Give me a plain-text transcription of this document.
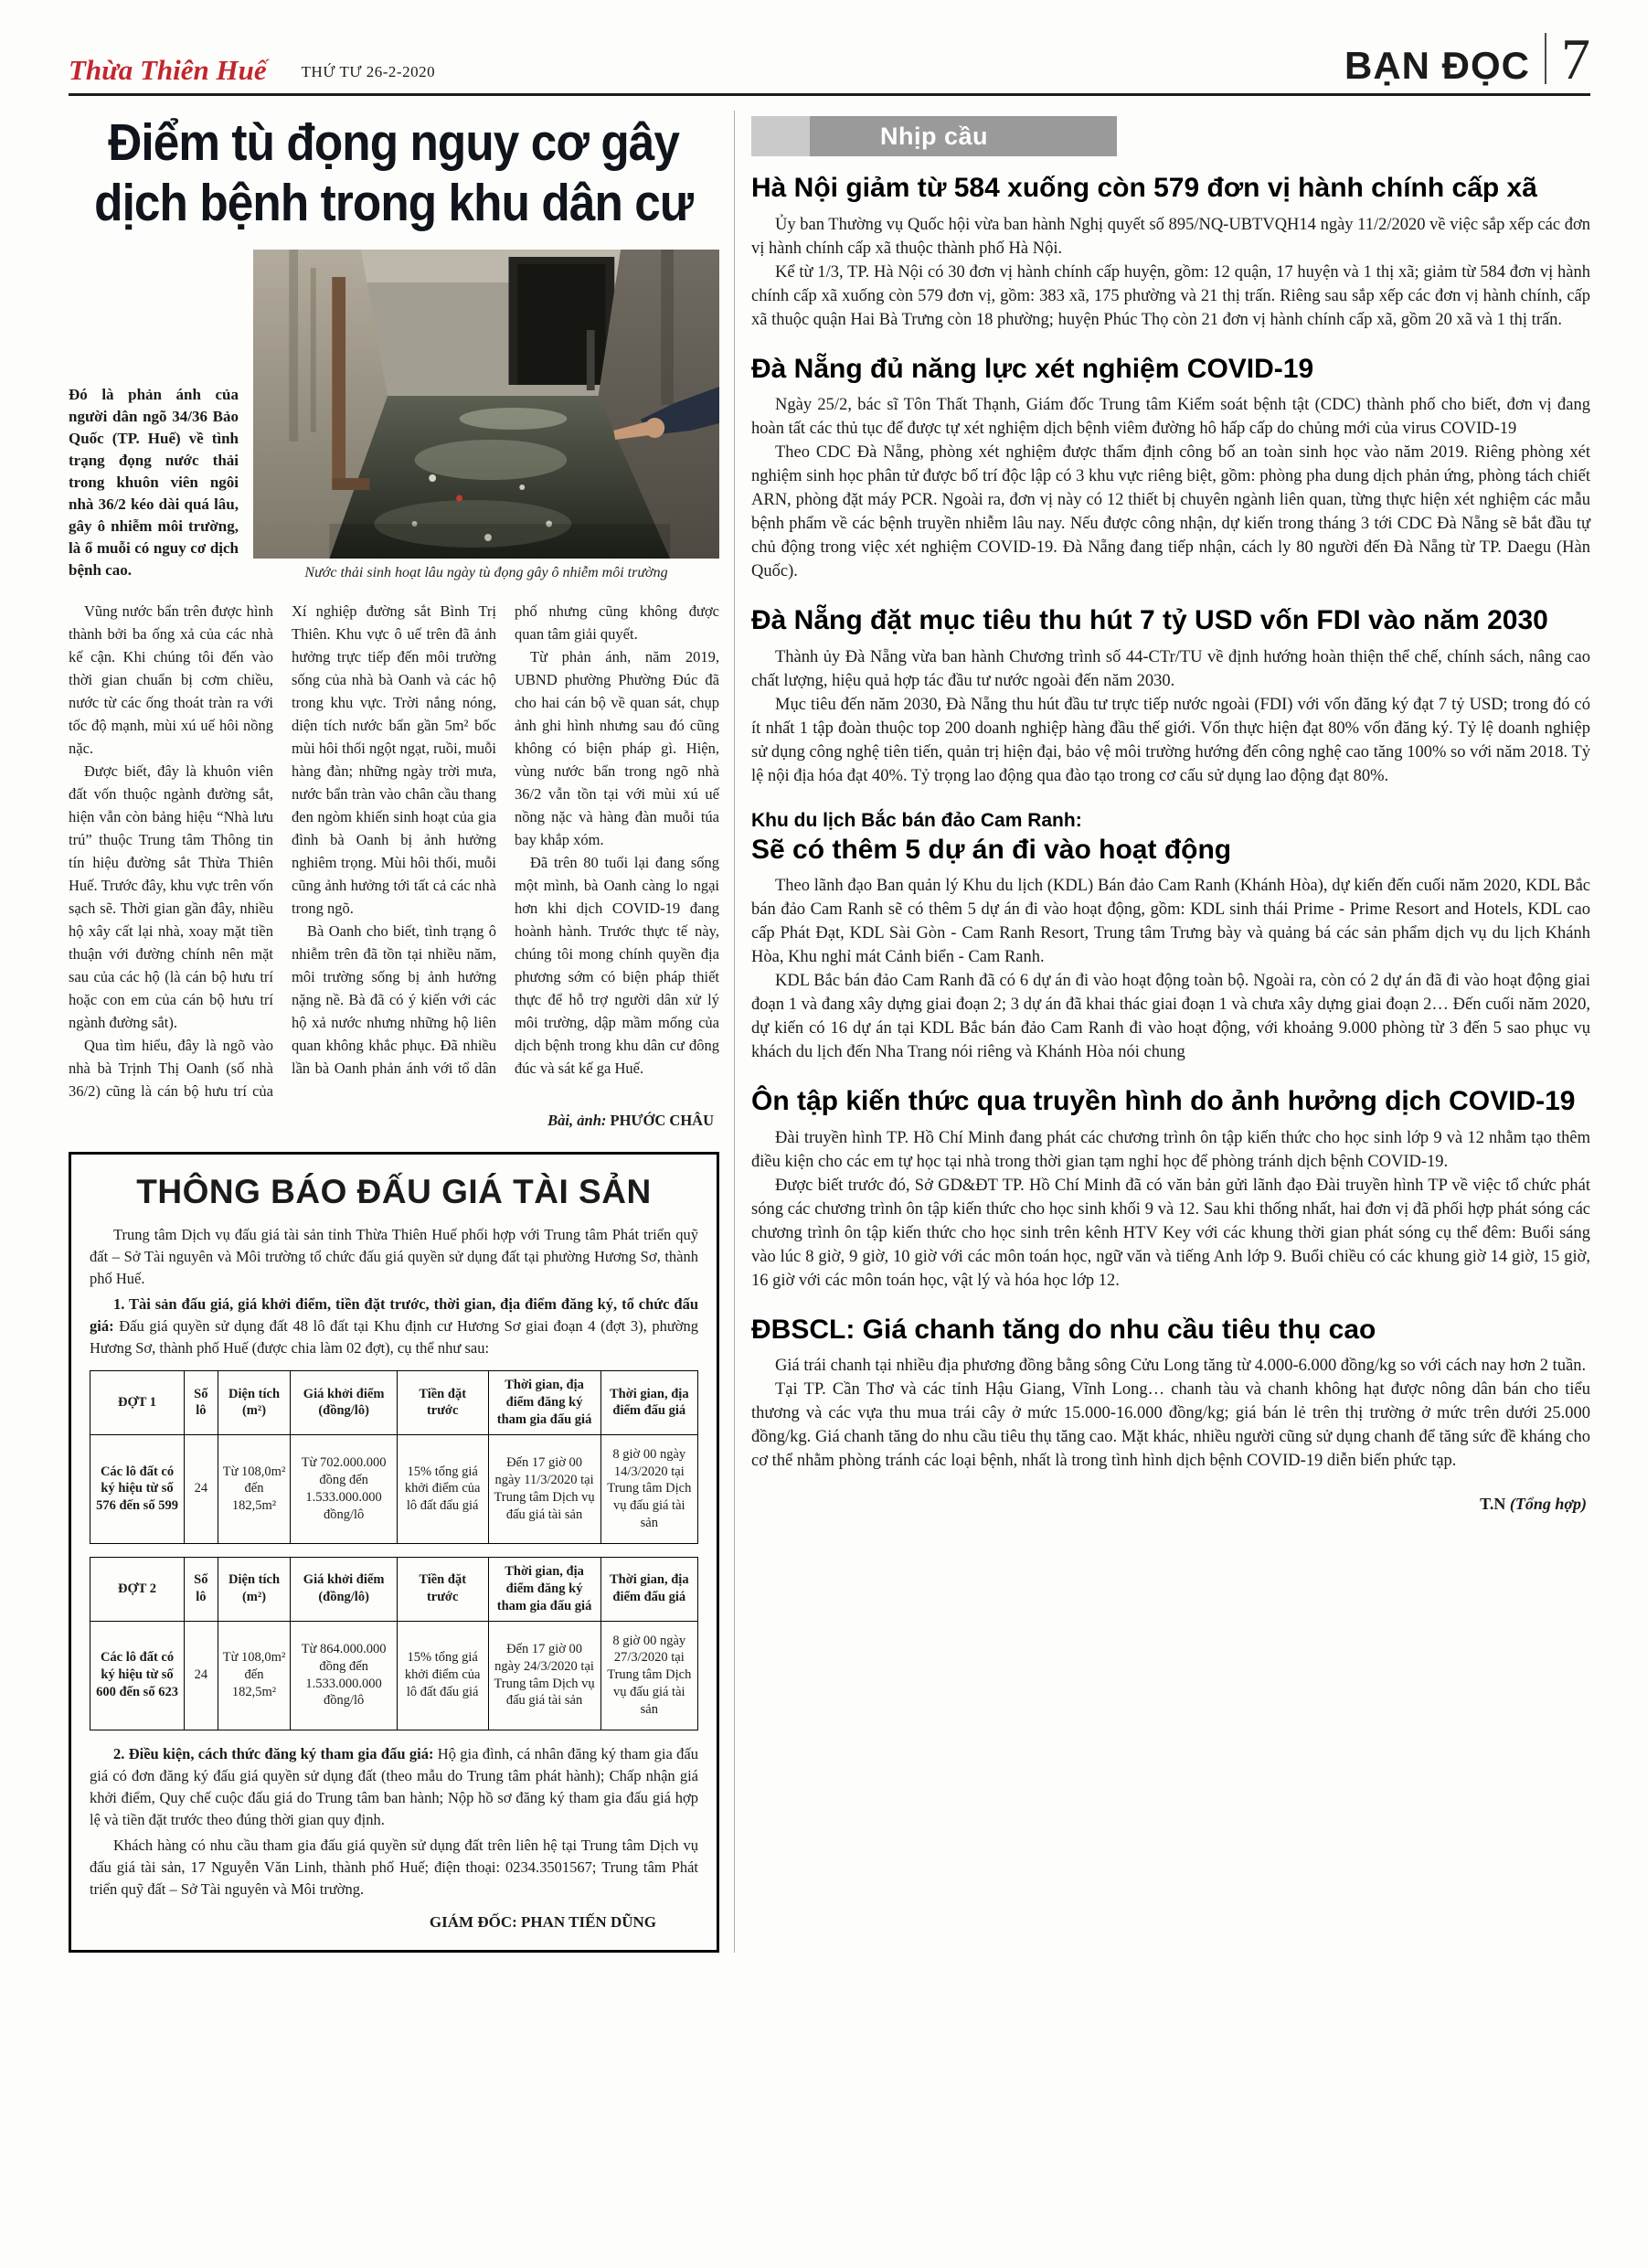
Thừa Thiên Huế THỨ TƯ 26-2-2020	BẠN ĐỌC 7
Điểm tù đọng nguy cơ gây
dịch bệnh trong khu dân cư
Đó là phản ánh của người dân ngõ 34/36 Bảo Quốc (TP. Huế) về tình trạng đọng nước thải trong khuôn viên ngôi nhà 36/2 kéo dài quá lâu, gây ô nhiễm môi trường, là ổ muỗi có nguy cơ dịch bệnh cao.	Nước thải sinh hoạt lâu ngày tù đọng gây ô nhiễm môi trường

Vũng nước bẩn trên được hình thành bởi ba ống xả của các nhà kế cận. Khi chúng tôi đến vào thời gian chuẩn bị cơm chiều, nước từ các ống thoát tràn ra với tốc độ mạnh, mùi xú uế hôi nồng nặc.

Được biết, đây là khuôn viên đất vốn thuộc ngành đường sắt, hiện vẫn còn bảng hiệu “Nhà lưu trú” thuộc Trung tâm Thông tin tín hiệu đường sắt Thừa Thiên Huế. Trước đây, khu vực trên vốn sạch sẽ. Thời gian gần đây, nhiều hộ xây cất lại nhà, xoay mặt tiền thuận với đường chính nên mặt sau của các hộ (là cán bộ hưu trí hoặc con em của cán bộ hưu trí ngành đường sắt).

Qua tìm hiểu, đây là ngõ vào nhà bà Trịnh Thị Oanh (số nhà 36/2) cũng là cán bộ hưu trí của Xí nghiệp đường sắt Bình Trị Thiên. Khu vực ô uế trên đã ảnh hưởng trực tiếp đến môi trường sống của nhà bà Oanh và các hộ trong khu vực. Trời nắng nóng, diện tích nước bẩn gần 5m² bốc mùi hôi thối ngột ngạt, ruồi, muỗi hàng đàn; những ngày trời mưa, nước bẩn tràn vào chân cầu thang đen ngòm khiến sinh hoạt của gia đình bà Oanh bị ảnh hưởng nghiêm trọng. Mùi hôi thối, muỗi cũng ảnh hưởng tới tất cả các nhà trong ngõ.

Bà Oanh cho biết, tình trạng ô nhiễm trên đã tồn tại nhiều năm, môi trường sống bị ảnh hưởng nặng nề. Bà đã có ý kiến với các hộ xả nước nhưng những hộ liên quan không khắc phục. Đã nhiều lần bà Oanh phản ánh với tổ dân phố nhưng cũng không được quan tâm giải quyết.

Từ phản ánh, năm 2019, UBND phường Phường Đúc đã cho hai cán bộ về quan sát, chụp ảnh ghi hình nhưng sau đó cũng không có biện pháp gì. Hiện, vùng nước bẩn trong ngõ nhà 36/2 vẫn tồn tại với mùi xú uế nồng nặc và hàng đàn muỗi túa bay khắp xóm.

Đã trên 80 tuổi lại đang sống một mình, bà Oanh càng lo ngại hơn khi dịch COVID-19 đang hoành hành. Trước thực tế này, chúng tôi mong chính quyền địa phương sớm có biện pháp thiết thực để hỗ trợ người dân xử lý môi trường, dập mầm mống của dịch bệnh trong khu dân cư đông đúc và sát kế ga Huế.

Bài, ảnh: PHƯỚC CHÂU
THÔNG BÁO ĐẤU GIÁ TÀI SẢN

Trung tâm Dịch vụ đấu giá tài sản tỉnh Thừa Thiên Huế phối hợp với Trung tâm Phát triển quỹ đất – Sở Tài nguyên và Môi trường tổ chức đấu giá quyền sử dụng đất tại phường Hương Sơ, thành phố Huế.

1. Tài sản đấu giá, giá khởi điểm, tiền đặt trước, thời gian, địa điểm đăng ký, tổ chức đấu giá: Đấu giá quyền sử dụng đất 48 lô đất tại Khu định cư Hương Sơ giai đoạn 4 (đợt 3), phường Hương Sơ, thành phố Huế (được chia làm 02 đợt), cụ thể như sau:

ĐỢT 1	Số lô	Diện tích (m²)	Giá khởi điểm (đồng/lô)	Tiền đặt trước	Thời gian, địa điểm đăng ký tham gia đấu giá	Thời gian, địa điểm đấu giá
Các lô đất có ký hiệu từ số 576 đến số 599	24	Từ 108,0m² đến 182,5m²	Từ 702.000.000 đồng đến 1.533.000.000 đồng/lô	15% tổng giá khởi điểm của lô đất đấu giá	Đến 17 giờ 00 ngày 11/3/2020 tại Trung tâm Dịch vụ đấu giá tài sản	8 giờ 00 ngày 14/3/2020 tại Trung tâm Dịch vụ đấu giá tài sản
ĐỢT 2	Số lô	Diện tích (m²)	Giá khởi điểm (đồng/lô)	Tiền đặt trước	Thời gian, địa điểm đăng ký tham gia đấu giá	Thời gian, địa điểm đấu giá
Các lô đất có ký hiệu từ số 600 đến số 623	24	Từ 108,0m² đến 182,5m²	Từ 864.000.000 đồng đến 1.533.000.000 đồng/lô	15% tổng giá khởi điểm của lô đất đấu giá	Đến 17 giờ 00 ngày 24/3/2020 tại Trung tâm Dịch vụ đấu giá tài sản	8 giờ 00 ngày 27/3/2020 tại Trung tâm Dịch vụ đấu giá tài sản

2. Điều kiện, cách thức đăng ký tham gia đấu giá: Hộ gia đình, cá nhân đăng ký tham gia đấu giá có đơn đăng ký đấu giá quyền sử dụng đất (theo mẫu do Trung tâm phát hành); Chấp nhận giá khởi điểm, Quy chế cuộc đấu giá do Trung tâm ban hành; Nộp hồ sơ đăng ký tham gia đấu giá hợp lệ và tiền đặt trước theo đúng thời gian quy định.

Khách hàng có nhu cầu tham gia đấu giá quyền sử dụng đất trên liên hệ tại Trung tâm Dịch vụ đấu giá tài sản, 17 Nguyễn Văn Linh, thành phố Huế; điện thoại: 0234.3501567; Trung tâm Phát triển quỹ đất – Sở Tài nguyên và Môi trường.

GIÁM ĐỐC: PHAN TIẾN DŨNG
Nhịp cầu
Hà Nội giảm từ 584 xuống còn 579 đơn vị hành chính cấp xã

Ủy ban Thường vụ Quốc hội vừa ban hành Nghị quyết số 895/NQ-UBTVQH14 ngày 11/2/2020 về việc sắp xếp các đơn vị hành chính cấp xã thuộc thành phố Hà Nội.

Kể từ 1/3, TP. Hà Nội có 30 đơn vị hành chính cấp huyện, gồm: 12 quận, 17 huyện và 1 thị xã; giảm từ 584 đơn vị hành chính cấp xã xuống còn 579 đơn vị, gồm: 383 xã, 175 phường và 21 thị trấn. Riêng sau sắp xếp các đơn vị hành chính, cấp xã thuộc quận Hai Bà Trưng còn 18 phường; huyện Phúc Thọ còn 21 đơn vị hành chính cấp xã, gồm 20 xã và 1 thị trấn.

Đà Nẵng đủ năng lực xét nghiệm COVID-19

Ngày 25/2, bác sĩ Tôn Thất Thạnh, Giám đốc Trung tâm Kiểm soát bệnh tật (CDC) thành phố cho biết, đơn vị đang hoàn tất các thủ tục để được tự xét nghiệm dịch bệnh viêm đường hô hấp cấp do chủng mới của virus COVID-19

Theo CDC Đà Nẵng, phòng xét nghiệm được thẩm định công bố an toàn sinh học vào năm 2019. Riêng phòng xét nghiệm sinh học phân tử được bố trí độc lập có 3 khu vực riêng biệt, gồm: phòng pha dung dịch phản ứng, phòng tách chiết ARN, phòng đặt máy PCR. Ngoài ra, đơn vị này có 12 thiết bị chuyên ngành liên quan, từng thực hiện xét nghiệm các mẫu bệnh phẩm về các bệnh truyền nhiễm lâu nay. Nếu được công nhận, dự kiến trong tháng 3 tới CDC Đà Nẵng sẽ bắt đầu tự chủ động trong việc xét nghiệm COVID-19. Đà Nẵng đang tiếp nhận, cách ly 80 người đến Đà Nẵng từ TP. Daegu (Hàn Quốc).

Đà Nẵng đặt mục tiêu thu hút 7 tỷ USD vốn FDI vào năm 2030

Thành ủy Đà Nẵng vừa ban hành Chương trình số 44-CTr/TU về định hướng hoàn thiện thể chế, chính sách, nâng cao chất lượng, hiệu quả hợp tác đầu tư nước ngoài đến năm 2030.

Mục tiêu đến năm 2030, Đà Nẵng thu hút đầu tư trực tiếp nước ngoài (FDI) với vốn đăng ký đạt 7 tỷ USD; trong đó có ít nhất 1 tập đoàn thuộc top 200 doanh nghiệp hàng đầu thế giới. Vốn thực hiện đạt 80% vốn đăng ký. Tỷ lệ doanh nghiệp sử dụng công nghệ tiên tiến, quản trị hiện đại, bảo vệ môi trường hướng đến công nghệ cao tăng 100% so với năm 2018. Tỷ lệ nội địa hóa đạt 40%. Tỷ trọng lao động qua đào tạo trong cơ cấu sử dụng lao động đạt 80%.

Khu du lịch Bắc bán đảo Cam Ranh:
Sẽ có thêm 5 dự án đi vào hoạt động

Theo lãnh đạo Ban quản lý Khu du lịch (KDL) Bán đảo Cam Ranh (Khánh Hòa), dự kiến đến cuối năm 2020, KDL Bắc bán đảo Cam Ranh sẽ có thêm 5 dự án đi vào hoạt động, gồm: KDL sinh thái Prime - Prime Resort and Hotels, KDL cao cấp Phát Đạt, KDL Sài Gòn - Cam Ranh Resort, Trung tâm Trưng bày và quảng bá các sản phẩm dịch vụ du lịch Khánh Hòa, Khu nghỉ mát Cảnh biển - Cam Ranh.

KDL Bắc bán đảo Cam Ranh đã có 6 dự án đi vào hoạt động toàn bộ. Ngoài ra, còn có 2 dự án đã đi vào hoạt động giai đoạn 1 và đang xây dựng giai đoạn 2; 3 dự án đã khai thác giai đoạn 1 và chưa xây dựng giai đoạn 2… Đến cuối năm 2020, dự kiến có 16 dự án tại KDL Bắc bán đảo Cam Ranh đi vào hoạt động, với khoảng 9.000 phòng từ 3 đến 5 sao phục vụ khách du lịch đến Nha Trang nói riêng và Khánh Hòa nói chung

Ôn tập kiến thức qua truyền hình do ảnh hưởng dịch COVID-19

Đài truyền hình TP. Hồ Chí Minh đang phát các chương trình ôn tập kiến thức cho học sinh lớp 9 và 12 nhằm tạo thêm điều kiện cho các em tự học tại nhà trong thời gian tạm nghỉ học để phòng tránh dịch bệnh COVID-19.

Được biết trước đó, Sở GD&ĐT TP. Hồ Chí Minh đã có văn bản gửi lãnh đạo Đài truyền hình TP về việc tổ chức phát sóng các chương trình ôn tập kiến thức cho học sinh khối 9 và 12. Sau khi thống nhất, hai đơn vị đã phối hợp phát sóng các chương trình ôn tập kiến thức cho học sinh trên kênh HTV Key với các khung thời gian phát sóng cụ thể đêm: Buổi sáng vào lúc 8 giờ, 9 giờ, 10 giờ với các môn toán học, ngữ văn và tiếng Anh lớp 9. Buổi chiều có các khung giờ 14 giờ, 15 giờ, 16 giờ với các môn toán học, vật lý và hóa học lớp 12.

ĐBSCL: Giá chanh tăng do nhu cầu tiêu thụ cao

Giá trái chanh tại nhiều địa phương đồng bằng sông Cửu Long tăng từ 4.000-6.000 đồng/kg so với cách nay hơn 2 tuần.

Tại TP. Cần Thơ và các tỉnh Hậu Giang, Vĩnh Long… chanh tàu và chanh không hạt được nông dân bán cho tiểu thương và các vựa thu mua trái cây ở mức 15.000-16.000 đồng/kg; giá bán lẻ trên thị trường ở mức trên dưới 25.000 đồng/kg. Giá chanh tăng do nhu cầu tiêu thụ tăng cao. Mặt khác, nhiều người cũng sử dụng chanh để tăng sức đề kháng cho cơ thể nhằm phòng tránh các loại bệnh, nhất là trong tình hình dịch bệnh COVID-19 diễn biến phức tạp.

T.N (Tổng hợp)
